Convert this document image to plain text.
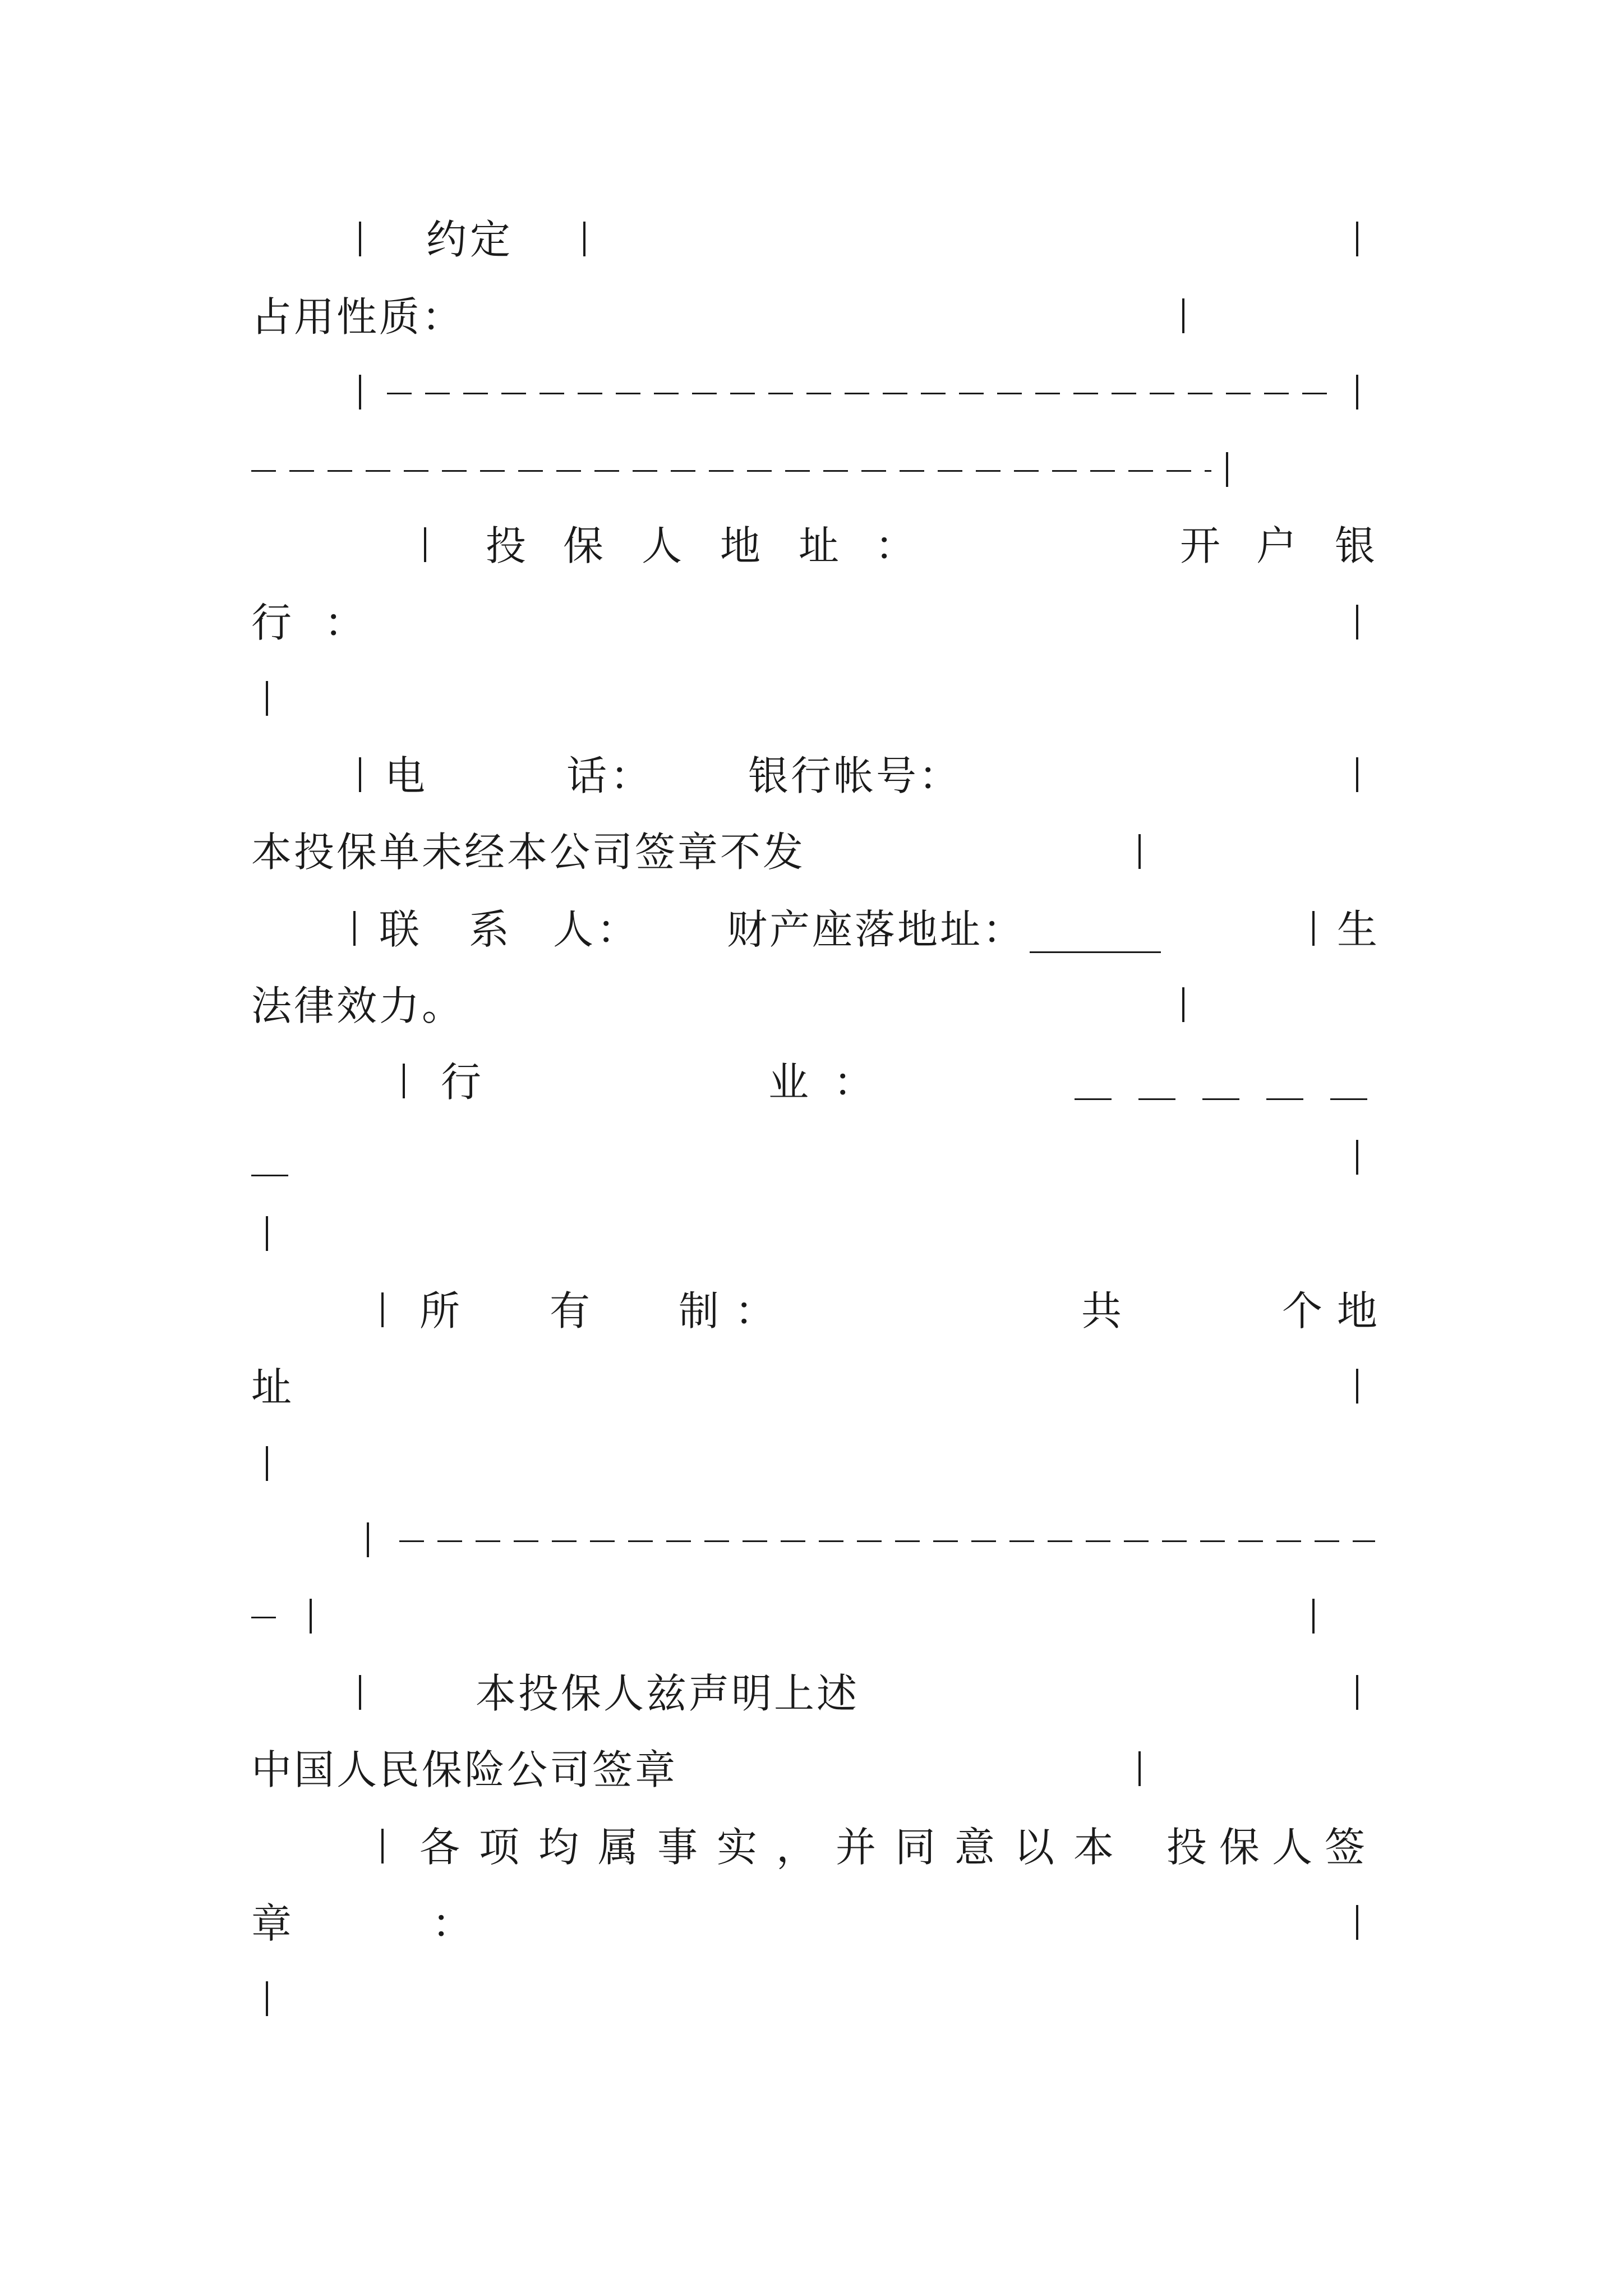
约定
占用性质：
投 保 人 地 址 ：	开 户 银
行 ：
电	话： 银行帐号：
本投保单未经本公司签章不发
联 系 人： 财产座落地址：	生
法律效力。
行	业 ：
所 有 制 ：	共	个 地
址
本投保人兹声明上述
中国人民保险公司签章
各项均属事实，并同意以本 投保人签
章	：
